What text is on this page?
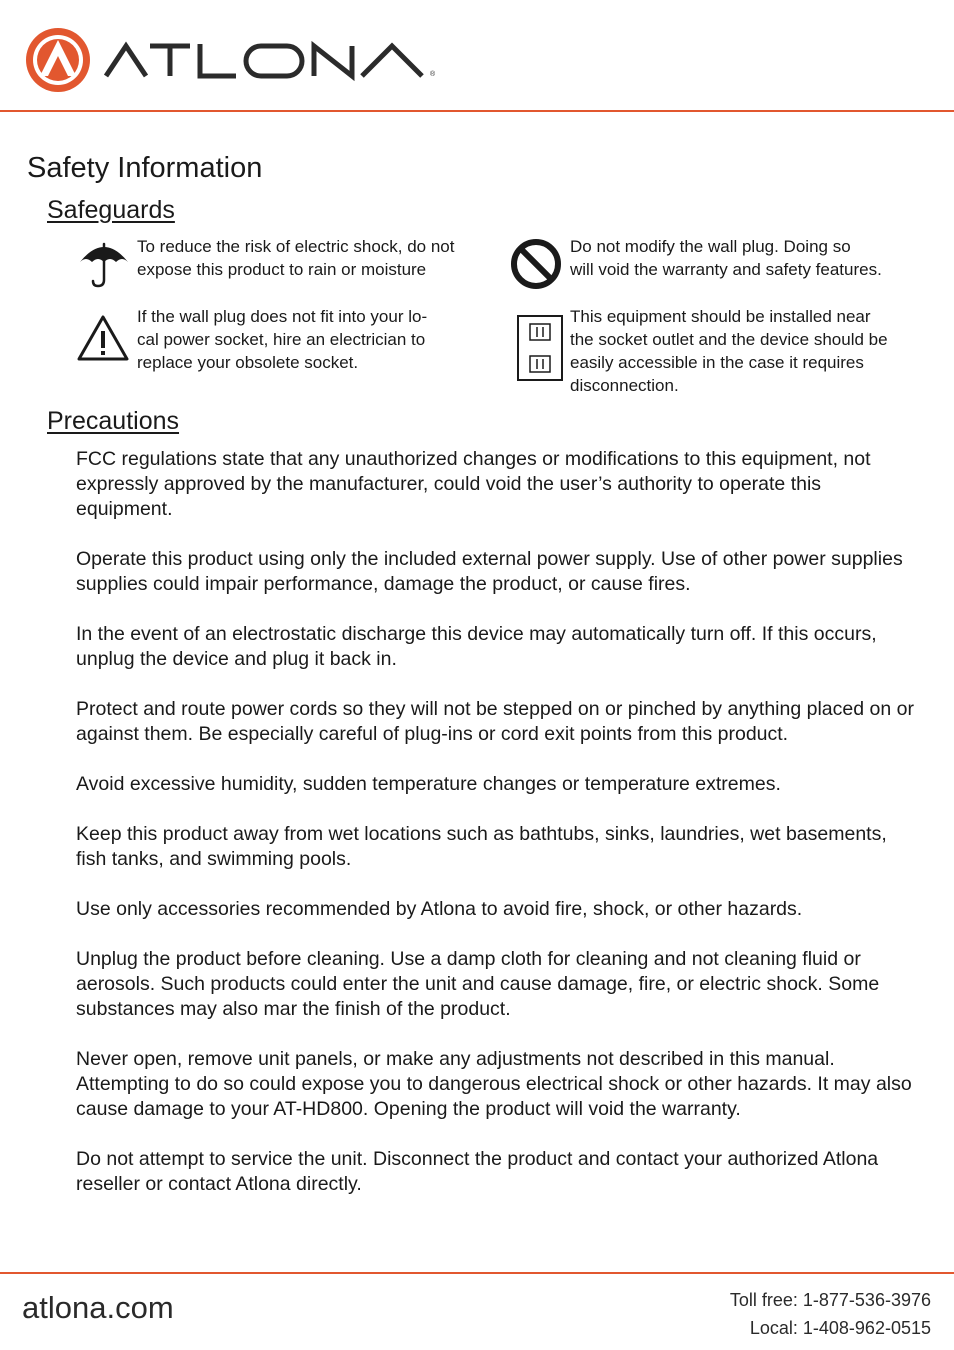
®
Safety Information
Safeguards

To reduce the risk of electric shock, do not
expose this product to rain or moisture

Do not modify the wall plug. Doing so
will void the warranty and safety features.

If the wall plug does not fit into your lo-
cal power socket, hire an electrician to
replace your obsolete socket.

This equipment should be installed near
the socket outlet and the device should be
easily accessible in the case it requires
disconnection.

Precautions

FCC regulations state that any unauthorized changes or modifications to this equipment, not expressly approved by the manufacturer, could void the user’s authority to operate this equipment.

Operate this product using only the included external power supply. Use of other power supplies supplies could impair performance, damage the product, or cause fires.

In the event of an electrostatic discharge this device may automatically turn off. If this occurs, unplug the device and plug it back in.

Protect and route power cords so they will not be stepped on or pinched by anything placed on or against them. Be especially careful of plug-ins or cord exit points from this product.

Avoid excessive humidity, sudden temperature changes or temperature extremes.

Keep this product away from wet locations such as bathtubs, sinks, laundries, wet basements, fish tanks, and swimming pools.

Use only accessories recommended by Atlona to avoid fire, shock, or other hazards.

Unplug the product before cleaning. Use a damp cloth for cleaning and not cleaning fluid or aerosols. Such products could enter the unit and cause damage, fire, or electric shock. Some substances may also mar the finish of the product.

Never open, remove unit panels, or make any adjustments not described in this manual. Attempting to do so could expose you to dangerous electrical shock or other hazards. It may also cause damage to your AT-HD800. Opening the product will void the warranty.

Do not attempt to service the unit. Disconnect the product and contact your authorized Atlona reseller or contact Atlona directly.

atlona.com	Toll free: 1-877-536-3976
Local: 1-408-962-0515
